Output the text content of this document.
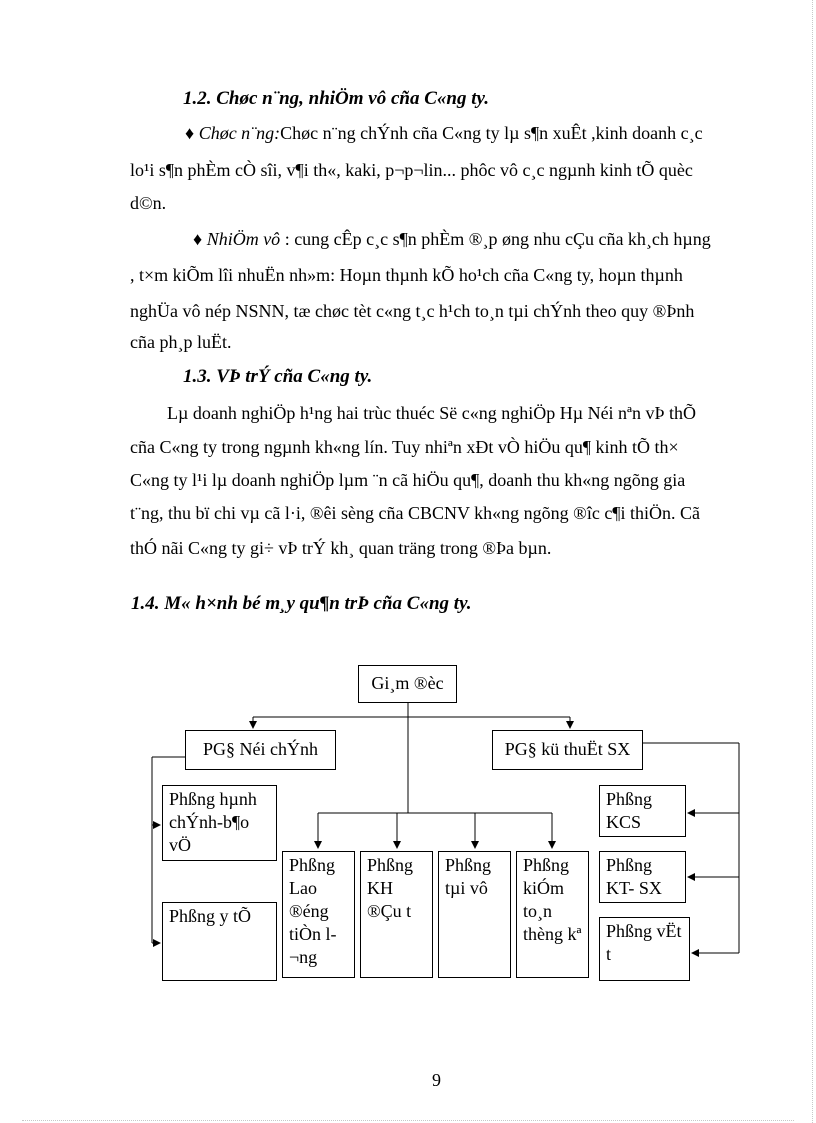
1.2. Chøc n¨ng, nhiÖm vô cña C«ng ty.
♦ Chøc n¨ng:Chøc n¨ng chÝnh cña C«ng ty lµ s¶n xuÊt ,kinh doanh c¸c
lo¹i s¶n phÈm cÒ sîi, v¶i th«, kaki, p¬p¬lin... phôc vô c¸c ngµnh kinh tÕ quèc
d©n.
♦ NhiÖm vô : cung cÊp c¸c s¶n phÈm ®¸p øng nhu cÇu cña kh¸ch hµng
, t×m kiÕm lîi nhuËn nh»m: Hoµn thµnh kÕ ho¹ch cña C«ng ty, hoµn thµnh
nghÜa vô nép NSNN, tæ chøc tèt c«ng t¸c h¹ch to¸n tµi chÝnh theo quy ®Þnh
cña ph¸p luËt.
1.3. VÞ trÝ cña C«ng ty.
Lµ doanh nghiÖp h¹ng hai trùc thuéc Së c«ng nghiÖp Hµ Néi nªn vÞ thÕ
cña C«ng ty trong ngµnh kh«ng lín. Tuy nhiªn xÐt vÒ hiÖu qu¶ kinh tÕ th×
C«ng ty l¹i lµ doanh nghiÖp lµm ¨n cã hiÖu qu¶, doanh thu kh«ng ngõng gia
t¨ng, thu bï chi vµ cã l·i, ®êi sèng cña CBCNV kh«ng ngõng ®îc c¶i thiÖn. Cã
thÓ nãi C«ng ty gi÷ vÞ trÝ kh¸ quan träng trong ®Þa bµn.
1.4. M« h×nh bé m¸y qu¶n trÞ cña C«ng ty.
Gi¸m ®èc
PG§ Néi chÝnh	PG§ kü thuËt SX
Phßng hµnh chÝnh-b¶o vÖ
Phßng y tÕ
Phßng Lao ®éng tiÒn l¬ng
Phßng KH ®Çu t
Phßng tµi vô
Phßng kiÓm to¸n thèng kª
Phßng KCS
Phßng KT- SX
Phßng vËt t
9
